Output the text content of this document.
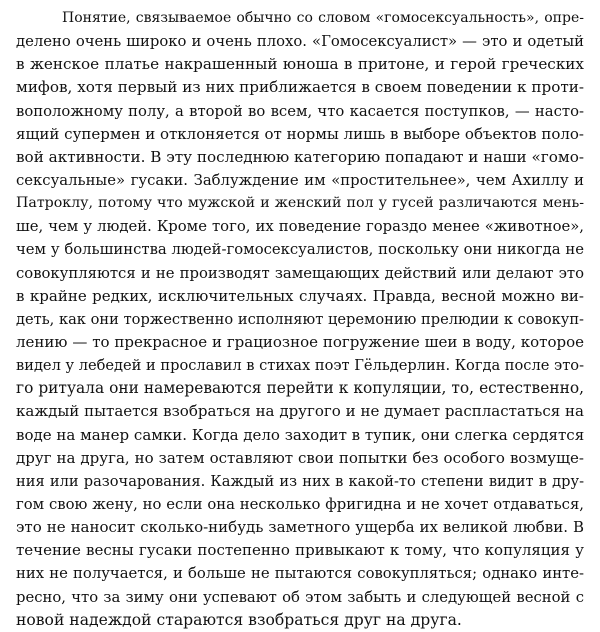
Понятие, связываемое обычно со словом «гомосексуальность», опре-
делено очень широко и очень плохо. «Гомосексуалист» — это и одетый
в женское платье накрашенный юноша в притоне, и герой греческих
мифов, хотя первый из них приближается в своем поведении к проти-
воположному полу, а второй во всем, что касается поступков, — насто-
ящий супермен и отклоняется от нормы лишь в выборе объектов поло-
вой активности. В эту последнюю категорию попадают и наши «гомо-
сексуальные» гусаки. Заблуждение им «простительнее», чем Ахиллу и
Патроклу, потому что мужской и женский пол у гусей различаются мень-
ше, чем у людей. Кроме того, их поведение гораздо менее «животное»,
чем у большинства людей-гомосексуалистов, поскольку они никогда не
совокупляются и не производят замещающих действий или делают это
в крайне редких, исключительных случаях. Правда, весной можно ви-
деть, как они торжественно исполняют церемонию прелюдии к совокуп-
лению — то прекрасное и грациозное погружение шеи в воду, которое
видел у лебедей и прославил в стихах поэт Гёльдерлин. Когда после это-
го ритуала они намереваются перейти к копуляции, то, естественно,
каждый пытается взобраться на другого и не думает распластаться на
воде на манер самки. Когда дело заходит в тупик, они слегка сердятся
друг на друга, но затем оставляют свои попытки без особого возмуще-
ния или разочарования. Каждый из них в какой-то степени видит в дру-
гом свою жену, но если она несколько фригидна и не хочет отдаваться,
это не наносит сколько-нибудь заметного ущерба их великой любви. В
течение весны гусаки постепенно привыкают к тому, что копуляция у
них не получается, и больше не пытаются совокупляться; однако инте-
ресно, что за зиму они успевают об этом забыть и следующей весной с
новой надеждой стараются взобраться друг на друга.
